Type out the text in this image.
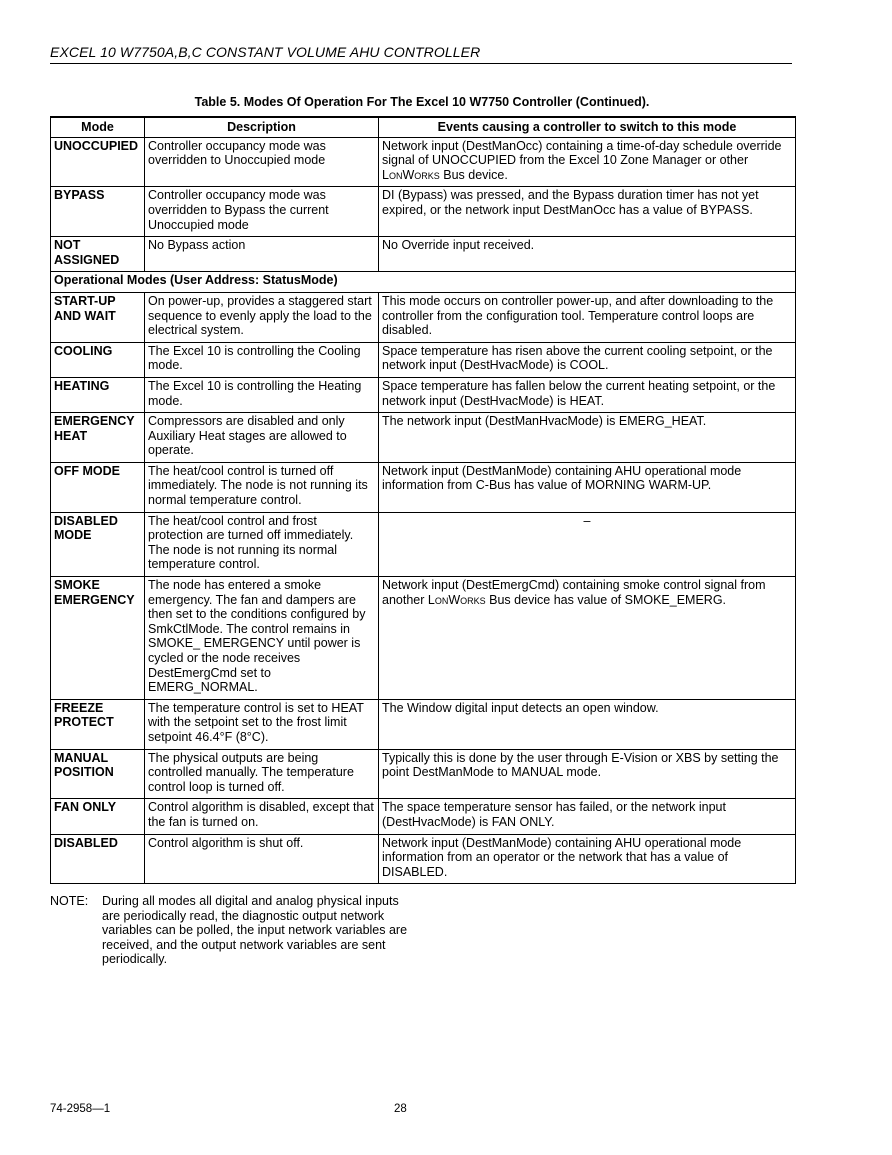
EXCEL 10 W7750A,B,C CONSTANT VOLUME AHU CONTROLLER
Table 5. Modes Of Operation For The Excel 10 W7750 Controller (Continued).
Mode	Description	Events causing a controller to switch to this mode
UNOCCUPIED	Controller occupancy mode was overridden to Unoccupied mode	Network input (DestManOcc) containing a time-of-day schedule override signal of UNOCCUPIED from the Excel 10 Zone Manager or other LonWorks Bus device.
BYPASS	Controller occupancy mode was overridden to Bypass the current Unoccupied mode	DI (Bypass) was pressed, and the Bypass duration timer has not yet expired, or the network input DestManOcc has a value of BYPASS.
NOT ASSIGNED	No Bypass action	No Override input received.
Operational Modes (User Address: StatusMode)		
START-UP AND WAIT	On power-up, provides a staggered start sequence to evenly apply the load to the electrical system.	This mode occurs on controller power-up, and after downloading to the controller from the configuration tool. Temperature control loops are disabled.
COOLING	The Excel 10 is controlling the Cooling mode.	Space temperature has risen above the current cooling setpoint, or the network input (DestHvacMode) is COOL.
HEATING	The Excel 10 is controlling the Heating mode.	Space temperature has fallen below the current heating setpoint, or the network input (DestHvacMode) is HEAT.
EMERGENCY HEAT	Compressors are disabled and only Auxiliary Heat stages are allowed to operate.	The network input (DestManHvacMode) is EMERG_HEAT.
OFF MODE	The heat/cool control is turned off immediately. The node is not running its normal temperature control.	Network input (DestManMode) containing AHU operational mode information from C-Bus has value of MORNING WARM-UP.
DISABLED MODE	The heat/cool control and frost protection are turned off immediately. The node is not running its normal temperature control.	–
SMOKE EMERGENCY	The node has entered a smoke emergency. The fan and dampers are then set to the conditions configured by SmkCtlMode. The control remains in SMOKE_ EMERGENCY until power is cycled or the node receives DestEmergCmd set to EMERG_NORMAL.	Network input (DestEmergCmd) containing smoke control signal from another LonWorks Bus device has value of SMOKE_EMERG.
FREEZE PROTECT	The temperature control is set to HEAT with the setpoint set to the frost limit setpoint 46.4°F (8°C).	The Window digital input detects an open window.
MANUAL POSITION	The physical outputs are being controlled manually. The temperature control loop is turned off.	Typically this is done by the user through E-Vision or XBS by setting the point DestManMode to MANUAL mode.
FAN ONLY	Control algorithm is disabled, except that the fan is turned on.	The space temperature sensor has failed, or the network input (DestHvacMode) is FAN ONLY.
DISABLED	Control algorithm is shut off.	Network input (DestManMode) containing AHU operational mode information from an operator or the network that has a value of DISABLED.
NOTE: During all modes all digital and analog physical inputs are periodically read, the diagnostic output network variables can be polled, the input network variables are received, and the output network variables are sent periodically.
74-2958—1	28
